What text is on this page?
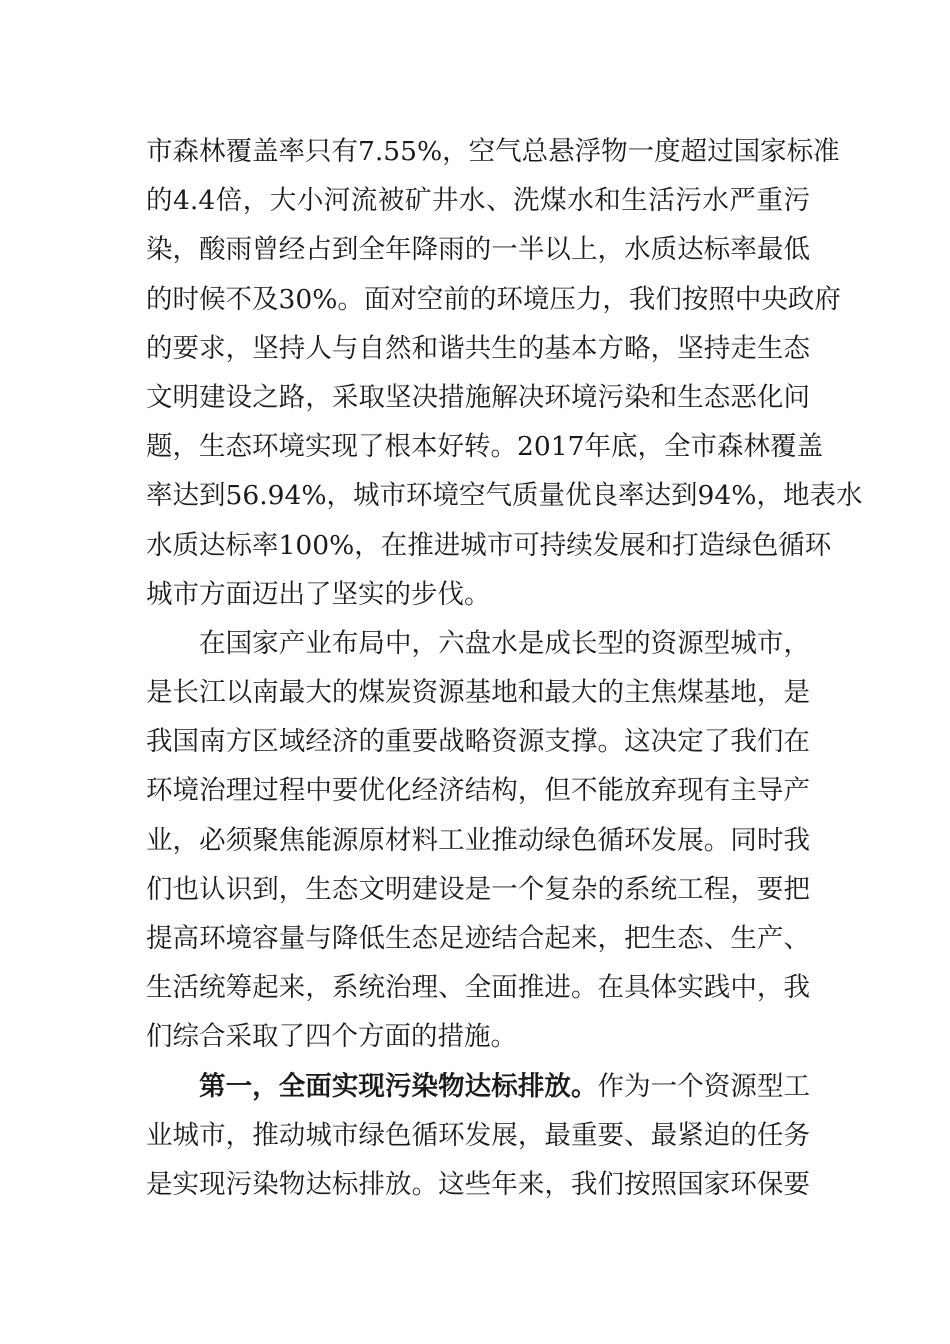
市森林覆盖率只有7.55%，空气总悬浮物一度超过国家标准
的4.4倍，大小河流被矿井水、洗煤水和生活污水严重污
染，酸雨曾经占到全年降雨的一半以上，水质达标率最低
的时候不及30%。面对空前的环境压力，我们按照中央政府
的要求，坚持人与自然和谐共生的基本方略，坚持走生态
文明建设之路，采取坚决措施解决环境污染和生态恶化问
题，生态环境实现了根本好转。2017年底，全市森林覆盖
率达到56.94%，城市环境空气质量优良率达到94%，地表水
水质达标率100%，在推进城市可持续发展和打造绿色循环
城市方面迈出了坚实的步伐。
在国家产业布局中，六盘水是成长型的资源型城市，
是长江以南最大的煤炭资源基地和最大的主焦煤基地，是
我国南方区域经济的重要战略资源支撑。这决定了我们在
环境治理过程中要优化经济结构，但不能放弃现有主导产
业，必须聚焦能源原材料工业推动绿色循环发展。同时我
们也认识到，生态文明建设是一个复杂的系统工程，要把
提高环境容量与降低生态足迹结合起来，把生态、生产、
生活统筹起来，系统治理、全面推进。在具体实践中，我
们综合采取了四个方面的措施。
第一，全面实现污染物达标排放。作为一个资源型工
业城市，推动城市绿色循环发展，最重要、最紧迫的任务
是实现污染物达标排放。这些年来，我们按照国家环保要
